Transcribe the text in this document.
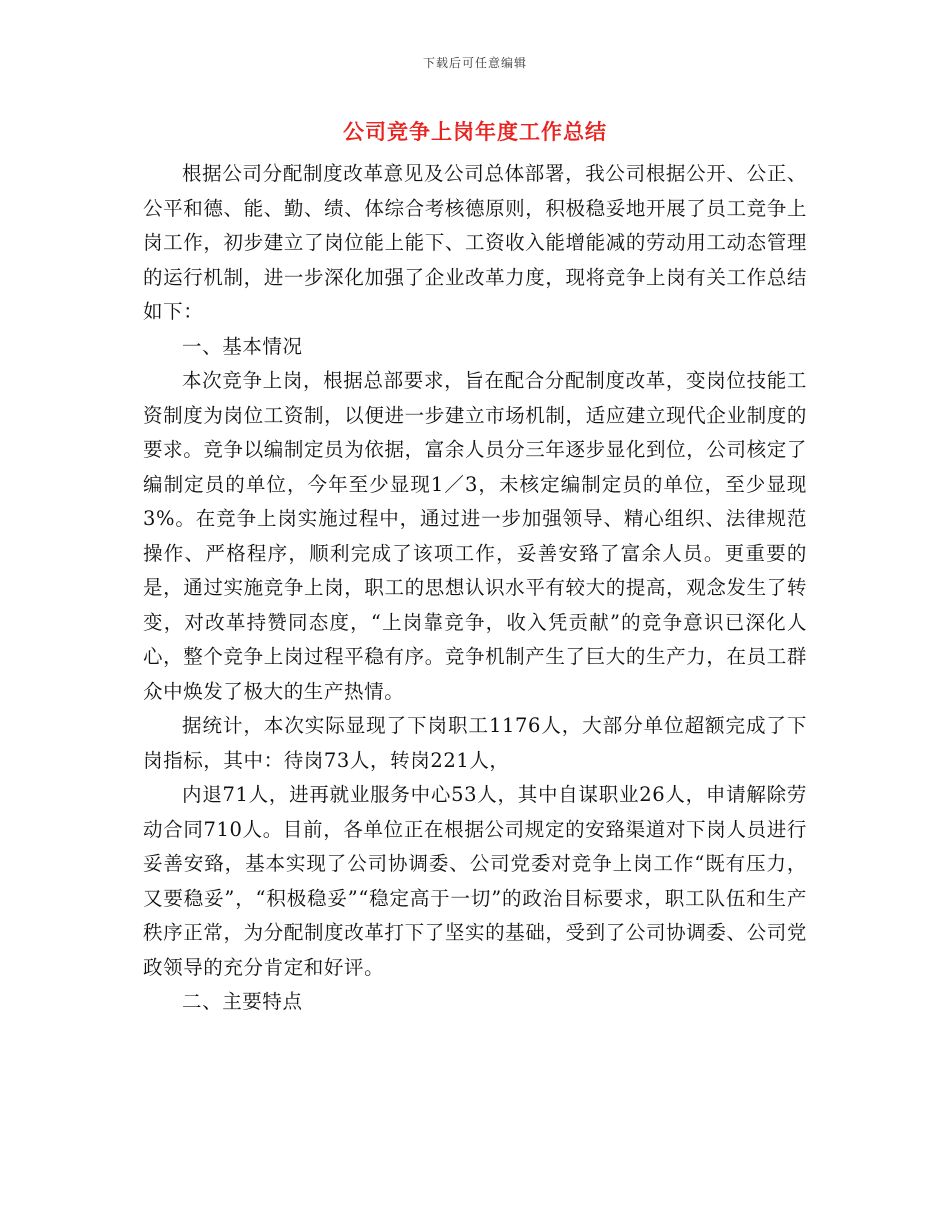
下载后可任意编辑
公司竞争上岗年度工作总结

根据公司分配制度改革意见及公司总体部署，我公司根据公开、公正、公平和德、能、勤、绩、体综合考核德原则，积极稳妥地开展了员工竞争上岗工作，初步建立了岗位能上能下、工资收入能增能减的劳动用工动态管理的运行机制，进一步深化加强了企业改革力度，现将竞争上岗有关工作总结如下：

一、基本情况

本次竞争上岗，根据总部要求，旨在配合分配制度改革，变岗位技能工资制度为岗位工资制，以便进一步建立市场机制，适应建立现代企业制度的要求。竞争以编制定员为依据，富余人员分三年逐步显化到位，公司核定了编制定员的单位，今年至少显现1／3，未核定编制定员的单位，至少显现3%。在竞争上岗实施过程中，通过进一步加强领导、精心组织、法律规范操作、严格程序，顺利完成了该项工作，妥善安臵了富余人员。更重要的是，通过实施竞争上岗，职工的思想认识水平有较大的提高，观念发生了转变，对改革持赞同态度，“上岗靠竞争，收入凭贡献”的竞争意识已深化人心，整个竞争上岗过程平稳有序。竞争机制产生了巨大的生产力，在员工群众中焕发了极大的生产热情。

据统计，本次实际显现了下岗职工1176人，大部分单位超额完成了下岗指标，其中：待岗73人，转岗221人，

内退71人，进再就业服务中心53人，其中自谋职业26人，申请解除劳动合同710人。目前，各单位正在根据公司规定的安臵渠道对下岗人员进行妥善安臵，基本实现了公司协调委、公司党委对竞争上岗工作“既有压力，又要稳妥”，“积极稳妥”“稳定高于一切”的政治目标要求，职工队伍和生产秩序正常，为分配制度改革打下了坚实的基础，受到了公司协调委、公司党政领导的充分肯定和好评。

二、主要特点
